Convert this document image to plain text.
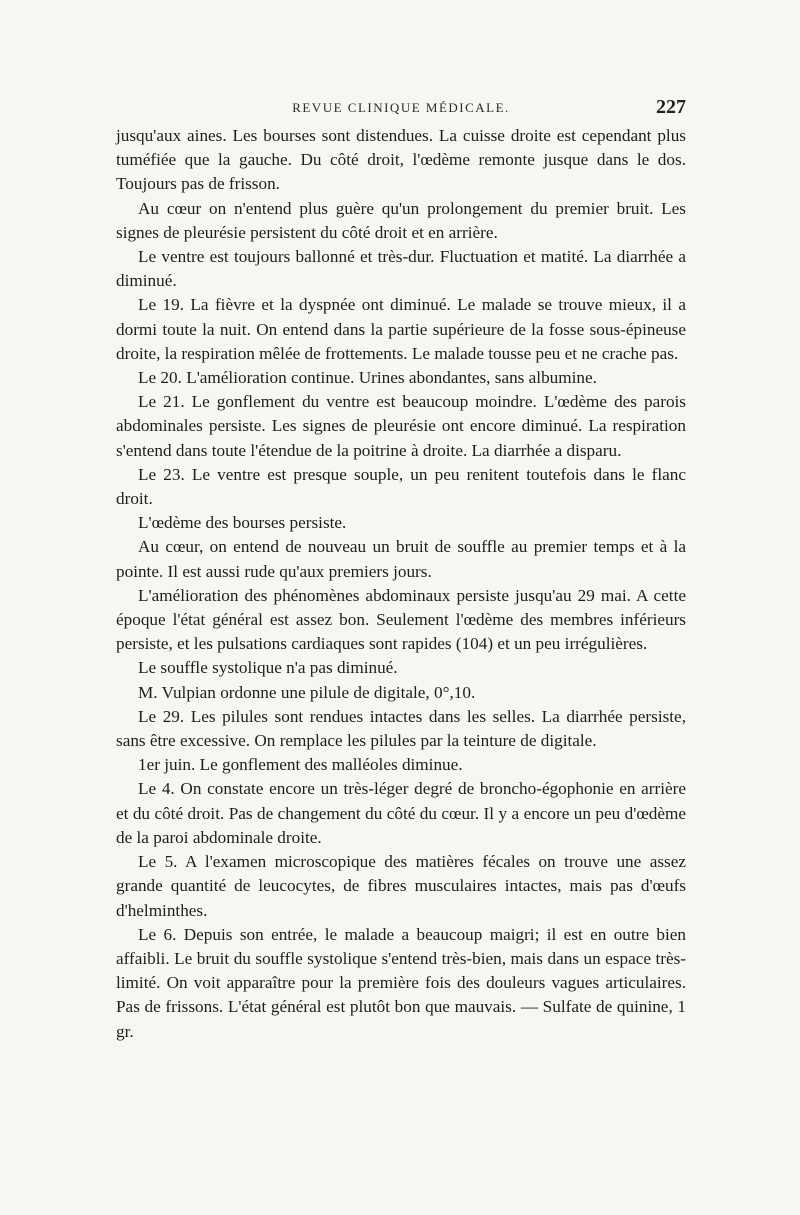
REVUE CLINIQUE MÉDICALE.	227

jusqu'aux aines. Les bourses sont distendues. La cuisse droite est cependant plus tuméfiée que la gauche. Du côté droit, l'œdème remonte jusque dans le dos. Toujours pas de frisson.

Au cœur on n'entend plus guère qu'un prolongement du premier bruit. Les signes de pleurésie persistent du côté droit et en arrière.

Le ventre est toujours ballonné et très-dur. Fluctuation et matité. La diarrhée a diminué.

Le 19. La fièvre et la dyspnée ont diminué. Le malade se trouve mieux, il a dormi toute la nuit. On entend dans la partie supérieure de la fosse sous-épineuse droite, la respiration mêlée de frottements. Le malade tousse peu et ne crache pas.

Le 20. L'amélioration continue. Urines abondantes, sans albumine.

Le 21. Le gonflement du ventre est beaucoup moindre. L'œdème des parois abdominales persiste. Les signes de pleurésie ont encore diminué. La respiration s'entend dans toute l'étendue de la poitrine à droite. La diarrhée a disparu.

Le 23. Le ventre est presque souple, un peu renitent toutefois dans le flanc droit.

L'œdème des bourses persiste.

Au cœur, on entend de nouveau un bruit de souffle au premier temps et à la pointe. Il est aussi rude qu'aux premiers jours.

L'amélioration des phénomènes abdominaux persiste jusqu'au 29 mai. A cette époque l'état général est assez bon. Seulement l'œdème des membres inférieurs persiste, et les pulsations cardiaques sont rapides (104) et un peu irrégulières.

Le souffle systolique n'a pas diminué.

M. Vulpian ordonne une pilule de digitale, 0°,10.

Le 29. Les pilules sont rendues intactes dans les selles. La diarrhée persiste, sans être excessive. On remplace les pilules par la teinture de digitale.

1er juin. Le gonflement des malléoles diminue.

Le 4. On constate encore un très-léger degré de broncho-égophonie en arrière et du côté droit. Pas de changement du côté du cœur. Il y a encore un peu d'œdème de la paroi abdominale droite.

Le 5. A l'examen microscopique des matières fécales on trouve une assez grande quantité de leucocytes, de fibres musculaires intactes, mais pas d'œufs d'helminthes.

Le 6. Depuis son entrée, le malade a beaucoup maigri; il est en outre bien affaibli. Le bruit du souffle systolique s'entend très-bien, mais dans un espace très-limité. On voit apparaître pour la première fois des douleurs vagues articulaires. Pas de frissons. L'état général est plutôt bon que mauvais. — Sulfate de quinine, 1 gr.
